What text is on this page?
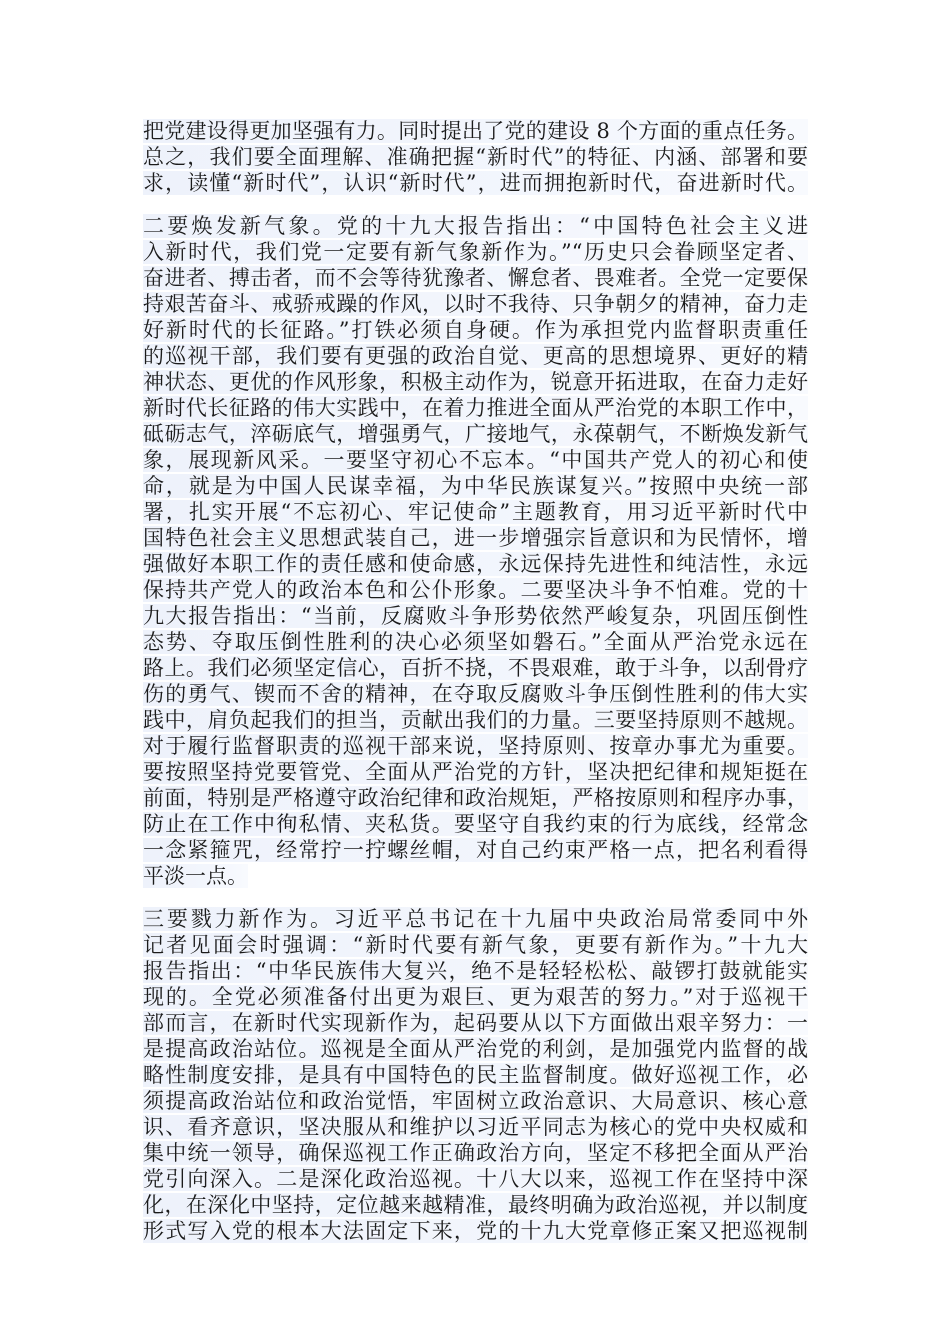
把党建设得更加坚强有力。同时提出了党的建设 8 个方面的重点任务。
总之，我们要全面理解、准确把握“新时代”的特征、内涵、部署和要
求，读懂“新时代”，认识“新时代”，进而拥抱新时代，奋进新时代。
二要焕发新气象。党的十九大报告指出：“中国特色社会主义进
入新时代，我们党一定要有新气象新作为。”“历史只会眷顾坚定者、
奋进者、搏击者，而不会等待犹豫者、懈怠者、畏难者。全党一定要保
持艰苦奋斗、戒骄戒躁的作风，以时不我待、只争朝夕的精神，奋力走
好新时代的长征路。”打铁必须自身硬。作为承担党内监督职责重任
的巡视干部，我们要有更强的政治自觉、更高的思想境界、更好的精
神状态、更优的作风形象，积极主动作为，锐意开拓进取，在奋力走好
新时代长征路的伟大实践中，在着力推进全面从严治党的本职工作中，
砥砺志气，淬砺底气，增强勇气，广接地气，永葆朝气，不断焕发新气
象，展现新风采。一要坚守初心不忘本。“中国共产党人的初心和使
命，就是为中国人民谋幸福，为中华民族谋复兴。”按照中央统一部
署，扎实开展“不忘初心、牢记使命”主题教育，用习近平新时代中
国特色社会主义思想武装自己，进一步增强宗旨意识和为民情怀，增
强做好本职工作的责任感和使命感，永远保持先进性和纯洁性，永远
保持共产党人的政治本色和公仆形象。二要坚决斗争不怕难。党的十
九大报告指出：“当前，反腐败斗争形势依然严峻复杂，巩固压倒性
态势、夺取压倒性胜利的决心必须坚如磐石。”全面从严治党永远在
路上。我们必须坚定信心，百折不挠，不畏艰难，敢于斗争，以刮骨疗
伤的勇气、锲而不舍的精神，在夺取反腐败斗争压倒性胜利的伟大实
践中，肩负起我们的担当，贡献出我们的力量。三要坚持原则不越规。
对于履行监督职责的巡视干部来说，坚持原则、按章办事尤为重要。
要按照坚持党要管党、全面从严治党的方针，坚决把纪律和规矩挺在
前面，特别是严格遵守政治纪律和政治规矩，严格按原则和程序办事，
防止在工作中徇私情、夹私货。要坚守自我约束的行为底线，经常念
一念紧箍咒，经常拧一拧螺丝帽，对自己约束严格一点，把名利看得
平淡一点。
三要戮力新作为。习近平总书记在十九届中央政治局常委同中外
记者见面会时强调：“新时代要有新气象，更要有新作为。”十九大
报告指出：“中华民族伟大复兴，绝不是轻轻松松、敲锣打鼓就能实
现的。全党必须准备付出更为艰巨、更为艰苦的努力。”对于巡视干
部而言，在新时代实现新作为，起码要从以下方面做出艰辛努力：一
是提高政治站位。巡视是全面从严治党的利剑，是加强党内监督的战
略性制度安排，是具有中国特色的民主监督制度。做好巡视工作，必
须提高政治站位和政治觉悟，牢固树立政治意识、大局意识、核心意
识、看齐意识，坚决服从和维护以习近平同志为核心的党中央权威和
集中统一领导，确保巡视工作正确政治方向，坚定不移把全面从严治
党引向深入。二是深化政治巡视。十八大以来，巡视工作在坚持中深
化，在深化中坚持，定位越来越精准，最终明确为政治巡视，并以制度
形式写入党的根本大法固定下来，党的十九大党章修正案又把巡视制
